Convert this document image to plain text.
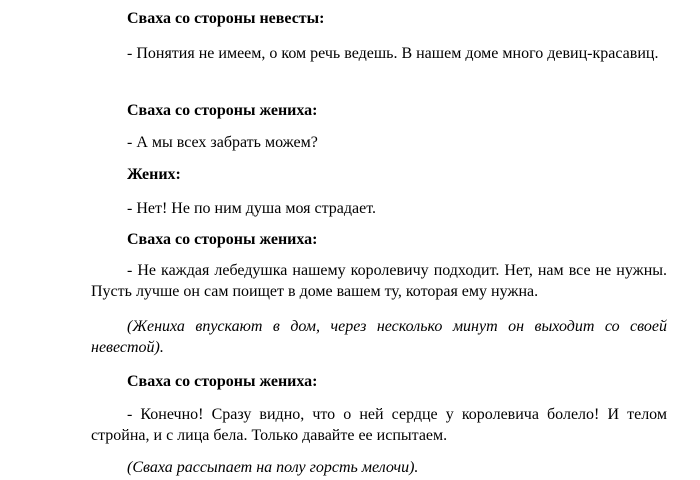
Сваха со стороны невесты:
- Понятия не имеем, о ком речь ведешь. В нашем доме много девиц-красавиц.
Сваха со стороны жениха:
- А мы всех забрать можем?
Жених:
- Нет! Не по ним душа моя страдает.
Сваха со стороны жениха:
- Не каждая лебедушка нашему королевичу подходит. Нет, нам все не нужны. Пусть лучше он сам поищет в доме вашем ту, которая ему нужна.
(Жениха впускают в дом, через несколько минут он выходит со своей невестой).
Сваха со стороны жениха:
- Конечно! Сразу видно, что о ней сердце у королевича болело! И телом стройна, и с лица бела. Только давайте ее испытаем.
(Сваха рассыпает на полу горсть мелочи).
